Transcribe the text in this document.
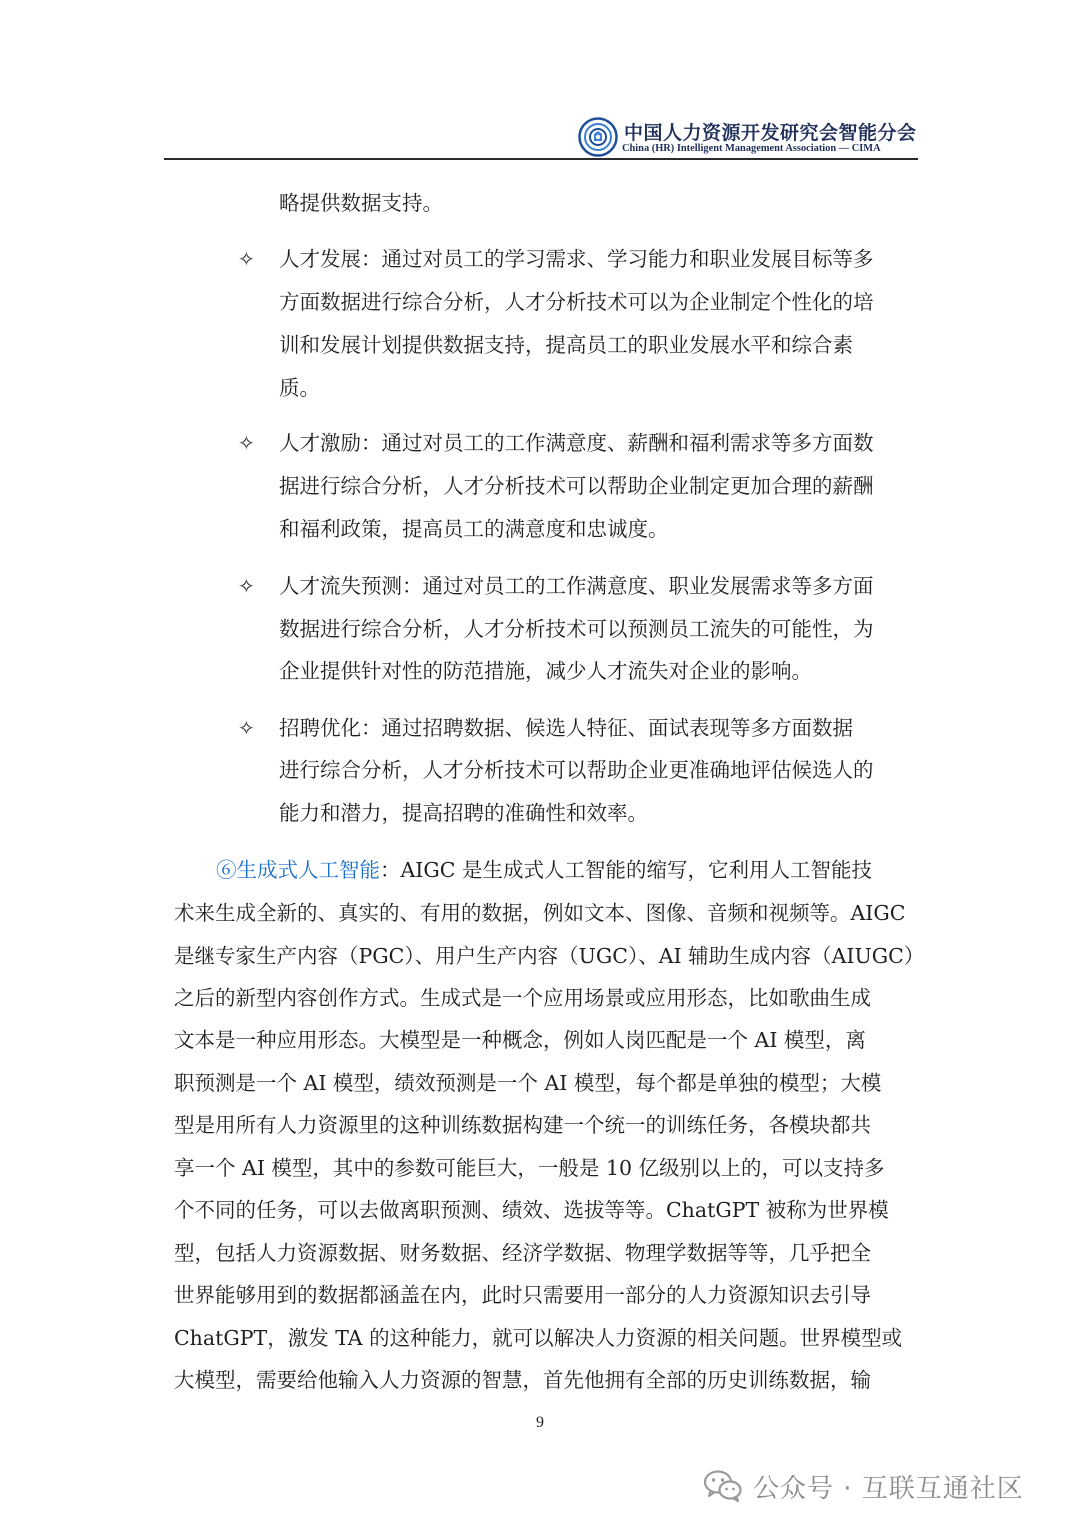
中国人力资源开发研究会智能分会
China (HR) Intelligent Management Association — CIMA
略提供数据支持。
✧ 人才发展：通过对员工的学习需求、学习能力和职业发展目标等多
方面数据进行综合分析，人才分析技术可以为企业制定个性化的培
训和发展计划提供数据支持，提高员工的职业发展水平和综合素
质。
✧ 人才激励：通过对员工的工作满意度、薪酬和福利需求等多方面数
据进行综合分析，人才分析技术可以帮助企业制定更加合理的薪酬
和福利政策，提高员工的满意度和忠诚度。
✧ 人才流失预测：通过对员工的工作满意度、职业发展需求等多方面
数据进行综合分析，人才分析技术可以预测员工流失的可能性，为
企业提供针对性的防范措施，减少人才流失对企业的影响。
✧ 招聘优化：通过招聘数据、候选人特征、面试表现等多方面数据
进行综合分析，人才分析技术可以帮助企业更准确地评估候选人的
能力和潜力，提高招聘的准确性和效率。
⑥生成式人工智能：AIGC 是生成式人工智能的缩写，它利用人工智能技
术来生成全新的、真实的、有用的数据，例如文本、图像、音频和视频等。AIGC
是继专家生产内容（PGC）、用户生产内容（UGC）、AI 辅助生成内容（AIUGC）
之后的新型内容创作方式。生成式是一个应用场景或应用形态，比如歌曲生成
文本是一种应用形态。大模型是一种概念，例如人岗匹配是一个 AI 模型，离
职预测是一个 AI 模型，绩效预测是一个 AI 模型，每个都是单独的模型；大模
型是用所有人力资源里的这种训练数据构建一个统一的训练任务，各模块都共
享一个 AI 模型，其中的参数可能巨大，一般是 10 亿级别以上的，可以支持多
个不同的任务，可以去做离职预测、绩效、选拔等等。ChatGPT 被称为世界模
型，包括人力资源数据、财务数据、经济学数据、物理学数据等等，几乎把全
世界能够用到的数据都涵盖在内，此时只需要用一部分的人力资源知识去引导
ChatGPT，激发 TA 的这种能力，就可以解决人力资源的相关问题。世界模型或
大模型，需要给他输入人力资源的智慧，首先他拥有全部的历史训练数据，输
9
公众号 · 互联互通社区
